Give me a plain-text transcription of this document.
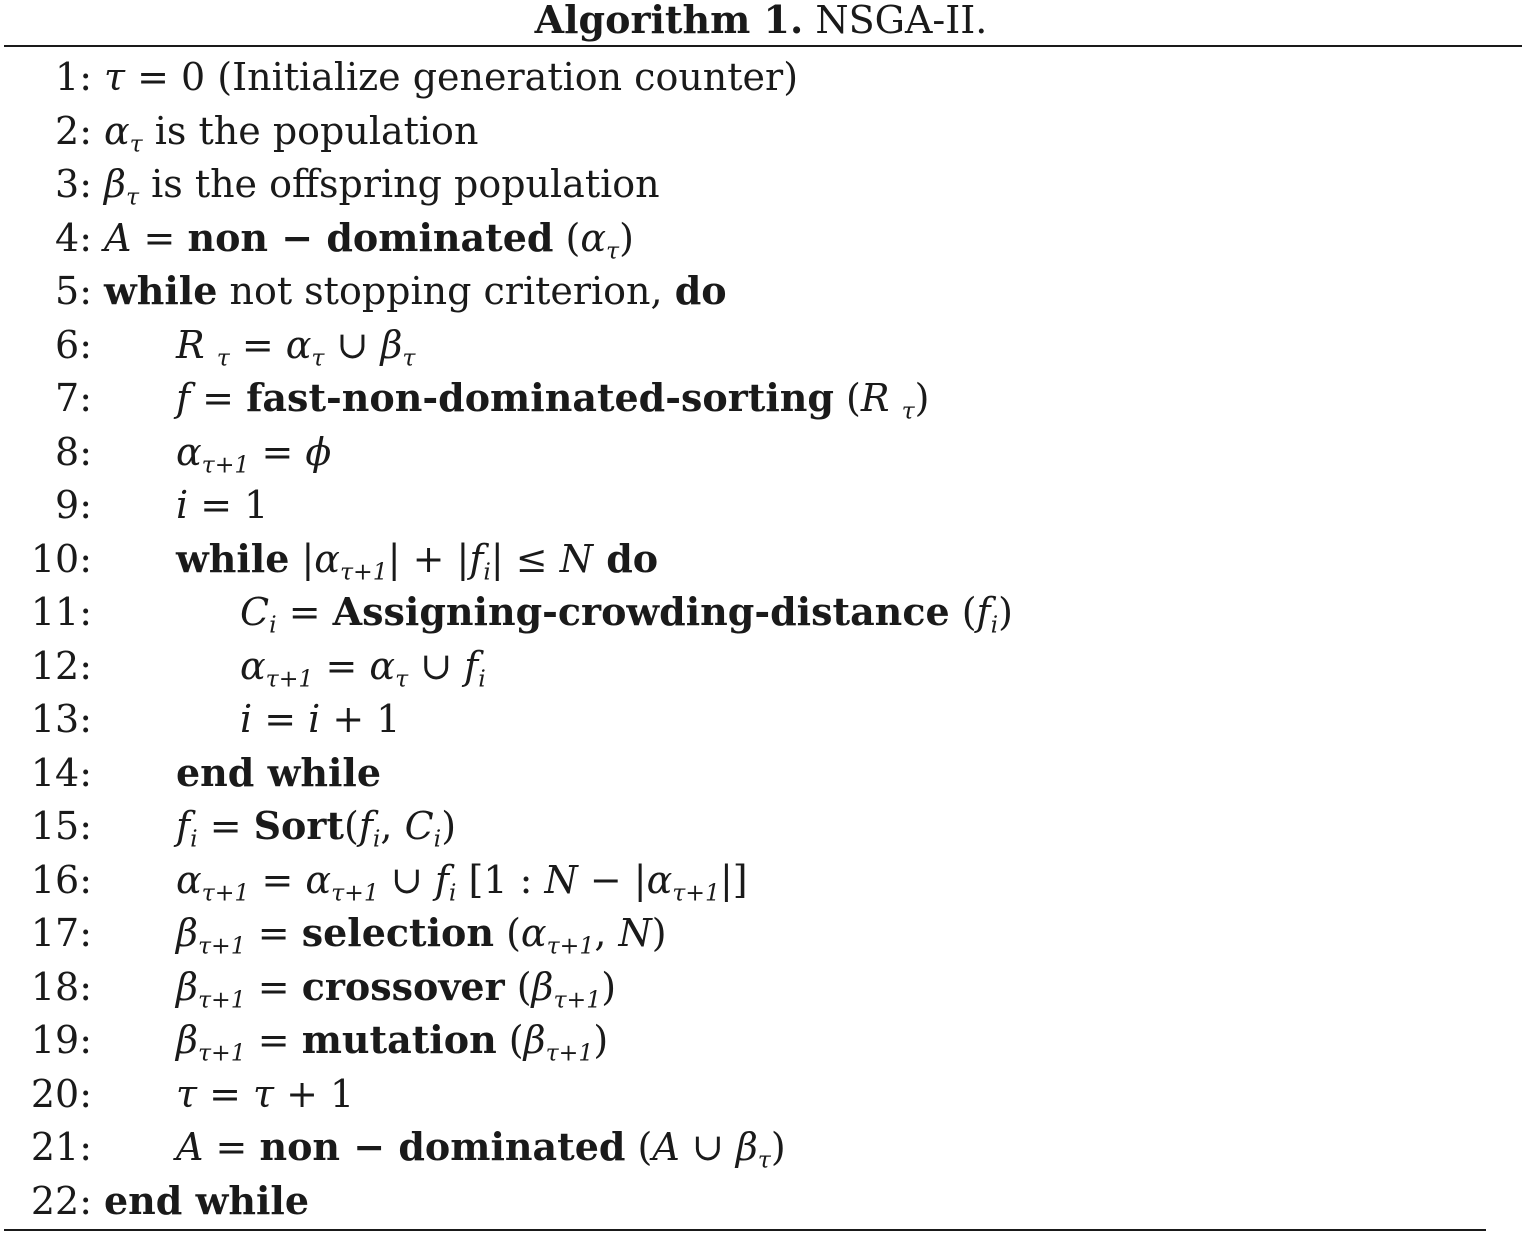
Algorithm 1. NSGA-II.
1: τ = 0 (Initialize generation counter)
2: $\alpha_\tau$ is the population
3: $\beta_\tau$ is the offspring population
4: A = non − dominated $(\alpha_\tau)$
5: while not stopping criterion, do
6: R $_\tau = \alpha_\tau$ ∪ $\beta_\tau$
7: f = fast-non-dominated-sorting (R $_\tau$)
8: $\alpha_{\tau+1} = \phi$
9: i = 1
10: while $|\alpha_{\tau+1}| + |f_i| \le N$ do
11:	$C_i$ = Assigning-crowding-distance $(f_i)$
12:	$\alpha_{\tau+1} = \alpha_\tau$ ∪ $f_i$
13:	i = i + 1
14: end while
15: $f_i$ = $Sort(f_i$, $C_i$)
16: $\alpha_{\tau+1} = \alpha_{\tau+1}$ ∪ $f_i$ [1 : $N - |\alpha_{\tau+1}|$]
17: $\beta_{\tau+1}$ = selection ($\alpha_{\tau+1}$, N)
18: $\beta_{\tau+1}$ = crossover $(\beta_{\tau+1})$
19: $\beta_{\tau+1}$ = mutation $(\beta_{\tau+1})$
20: τ = τ + 1
21: A = non − dominated (A ∪ $\beta_\tau$)
22: end while
